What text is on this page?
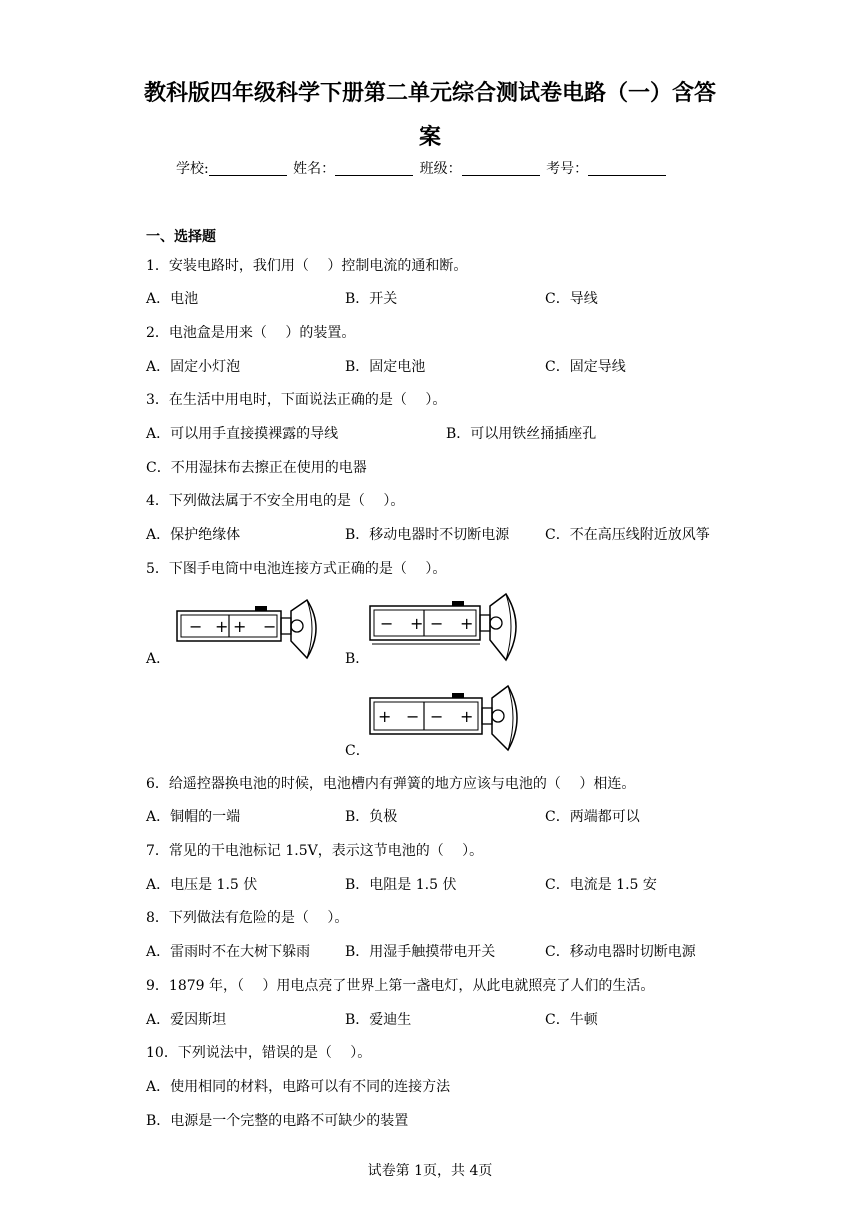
教科版四年级科学下册第二单元综合测试卷电路（一）含答
案
学校:	姓名：	班级：	考号：
一、选择题
1．安装电路时，我们用（　 ）控制电流的通和断。
A．电池	B．开关	C．导线
2．电池盒是用来（　 ）的装置。
A．固定小灯泡	B．固定电池	C．固定导线
3．在生活中用电时，下面说法正确的是（　 ）。
A．可以用手直接摸裸露的导线	B．可以用铁丝捅插座孔
C．不用湿抹布去擦正在使用的电器
4．下列做法属于不安全用电的是（　 ）。
A．保护绝缘体	B．移动电器时不切断电源	C．不在高压线附近放风筝
5．下图手电筒中电池连接方式正确的是（　 ）。
A．	B．
C．
− + + −	− + − +
+ − − +
6．给遥控器换电池的时候，电池槽内有弹簧的地方应该与电池的（　 ）相连。
A．铜帽的一端	B．负极	C．两端都可以
7．常见的干电池标记 1.5V，表示这节电池的（　 ）。
A．电压是 1.5 伏	B．电阻是 1.5 伏	C．电流是 1.5 安
8．下列做法有危险的是（　 ）。
A．雷雨时不在大树下躲雨 B．用湿手触摸带电开关	C．移动电器时切断电源
9．1879 年，（　 ）用电点亮了世界上第一盏电灯，从此电就照亮了人们的生活。
A．爱因斯坦	B．爱迪生	C．牛顿
10．下列说法中，错误的是（　 ）。
A．使用相同的材料，电路可以有不同的连接方法
B．电源是一个完整的电路不可缺少的装置
试卷第 1页，共 4页
